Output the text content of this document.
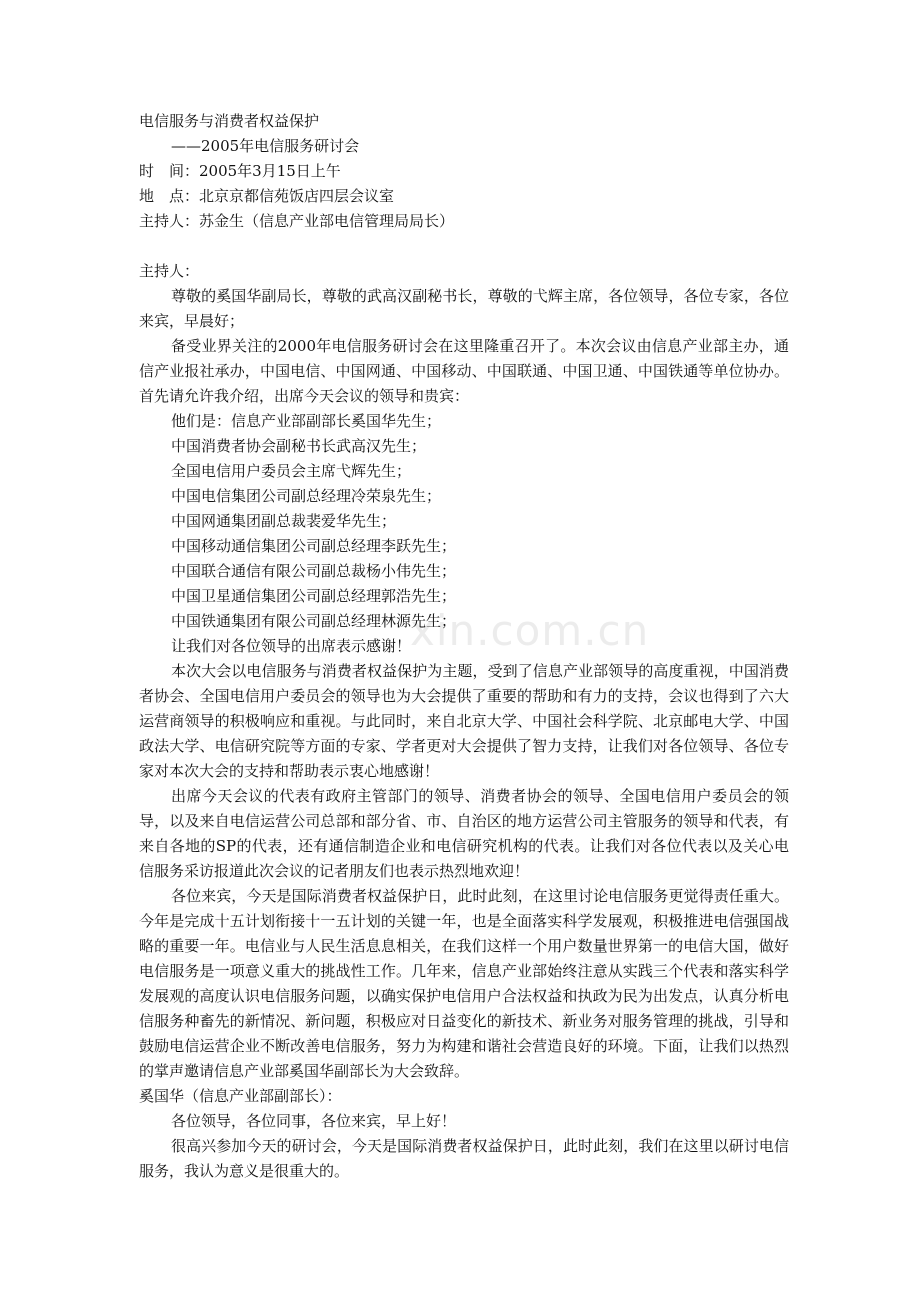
xin.com.cn

电信服务与消费者权益保护

——2005年电信服务研讨会

时　间：2005年3月15日上午

地　点：北京京都信苑饭店四层会议室

主持人：苏金生（信息产业部电信管理局局长）

主持人：

尊敬的奚国华副局长，尊敬的武高汉副秘书长，尊敬的弋辉主席，各位领导，各位专家，各位来宾，早晨好；

备受业界关注的2000年电信服务研讨会在这里隆重召开了。本次会议由信息产业部主办，通信产业报社承办，中国电信、中国网通、中国移动、中国联通、中国卫通、中国铁通等单位协办。首先请允许我介绍，出席今天会议的领导和贵宾：

他们是：信息产业部副部长奚国华先生；

中国消费者协会副秘书长武高汉先生；

全国电信用户委员会主席弋辉先生；

中国电信集团公司副总经理冷荣泉先生；

中国网通集团副总裁裴爱华先生；

中国移动通信集团公司副总经理李跃先生；

中国联合通信有限公司副总裁杨小伟先生；

中国卫星通信集团公司副总经理郭浩先生；

中国铁通集团有限公司副总经理林源先生；

让我们对各位领导的出席表示感谢！

本次大会以电信服务与消费者权益保护为主题，受到了信息产业部领导的高度重视，中国消费者协会、全国电信用户委员会的领导也为大会提供了重要的帮助和有力的支持，会议也得到了六大运营商领导的积极响应和重视。与此同时，来自北京大学、中国社会科学院、北京邮电大学、中国政法大学、电信研究院等方面的专家、学者更对大会提供了智力支持，让我们对各位领导、各位专家对本次大会的支持和帮助表示衷心地感谢！

出席今天会议的代表有政府主管部门的领导、消费者协会的领导、全国电信用户委员会的领导，以及来自电信运营公司总部和部分省、市、自治区的地方运营公司主管服务的领导和代表，有来自各地的SP的代表，还有通信制造企业和电信研究机构的代表。让我们对各位代表以及关心电信服务采访报道此次会议的记者朋友们也表示热烈地欢迎！

各位来宾，今天是国际消费者权益保护日，此时此刻，在这里讨论电信服务更觉得责任重大。今年是完成十五计划衔接十一五计划的关键一年，也是全面落实科学发展观，积极推进电信强国战略的重要一年。电信业与人民生活息息相关，在我们这样一个用户数量世界第一的电信大国，做好电信服务是一项意义重大的挑战性工作。几年来，信息产业部始终注意从实践三个代表和落实科学发展观的高度认识电信服务问题，以确实保护电信用户合法权益和执政为民为出发点，认真分析电信服务种畜先的新情况、新问题，积极应对日益变化的新技术、新业务对服务管理的挑战，引导和鼓励电信运营企业不断改善电信服务，努力为构建和谐社会营造良好的环境。下面，让我们以热烈的掌声邀请信息产业部奚国华副部长为大会致辞。

奚国华（信息产业部副部长）：

各位领导，各位同事，各位来宾，早上好！

很高兴参加今天的研讨会，今天是国际消费者权益保护日，此时此刻，我们在这里以研讨电信服务，我认为意义是很重大的。
